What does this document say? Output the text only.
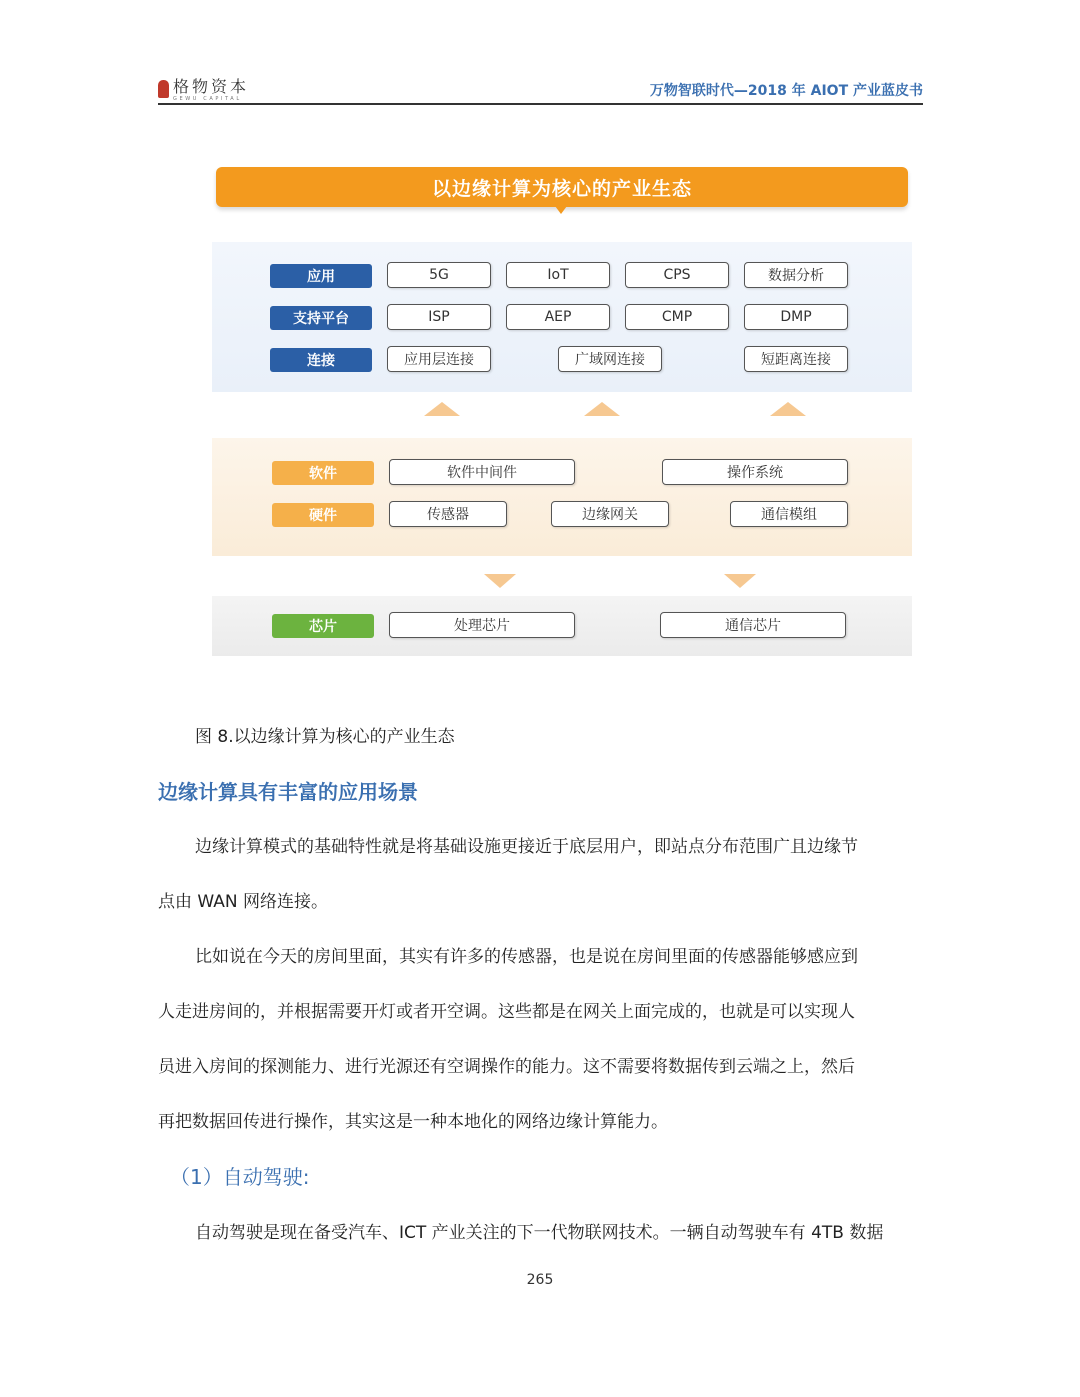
格物资本
GEWU CAPITAL	万物智联时代—2018 年 AIOT 产业蓝皮书
以边缘计算为核心的产业生态
应用	5G	IoT	CPS	数据分析
支持平台	ISP	AEP	CMP	DMP
连接	应用层连接	广域网连接	短距离连接
软件	软件中间件	操作系统
硬件	传感器	边缘网关	通信模组
芯片	处理芯片	通信芯片
图 8.以边缘计算为核心的产业生态
边缘计算具有丰富的应用场景
边缘计算模式的基础特性就是将基础设施更接近于底层用户，即站点分布范围广且边缘节
点由 WAN 网络连接。
比如说在今天的房间里面，其实有许多的传感器，也是说在房间里面的传感器能够感应到
人走进房间的，并根据需要开灯或者开空调。这些都是在网关上面完成的，也就是可以实现人
员进入房间的探测能力、进行光源还有空调操作的能力。这不需要将数据传到云端之上，然后
再把数据回传进行操作，其实这是一种本地化的网络边缘计算能力。
（1）自动驾驶:
自动驾驶是现在备受汽车、ICT 产业关注的下一代物联网技术。一辆自动驾驶车有 4TB 数据
265
